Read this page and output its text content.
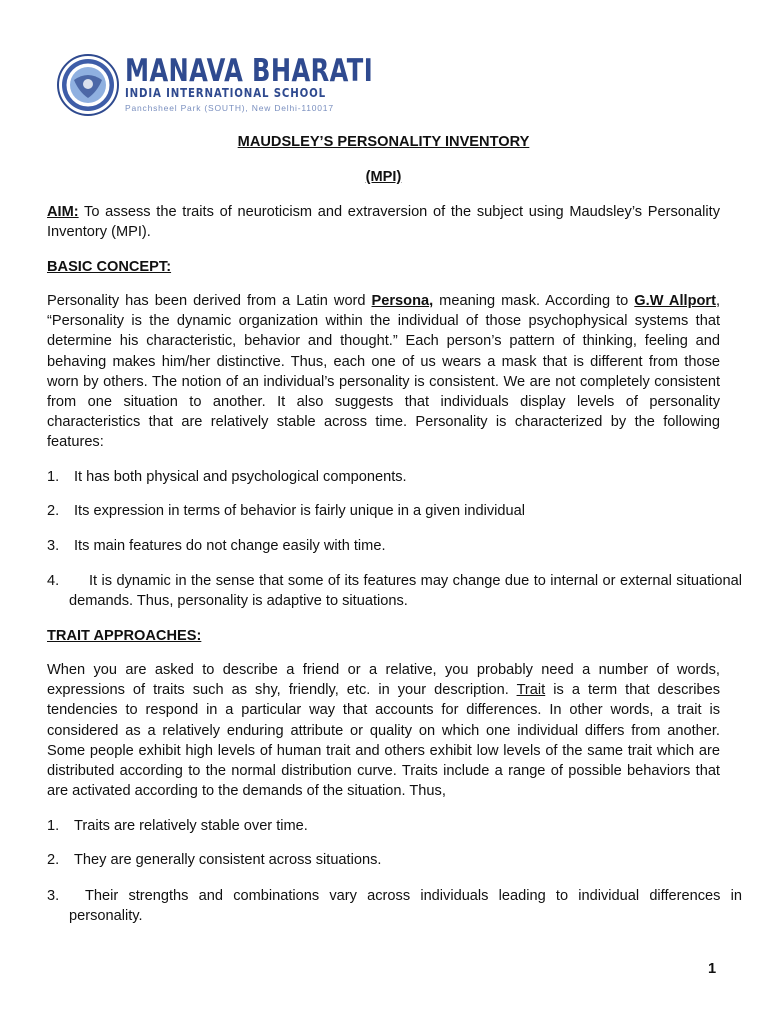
MANAVA BHARATI
INDIA INTERNATIONAL SCHOOL
Panchsheel Park (SOUTH), New Delhi-110017
MAUDSLEY’S PERSONALITY INVENTORY
(MPI)
AIM: To assess the traits of neuroticism and extraversion of the subject using Maudsley’s Personality Inventory (MPI).
BASIC CONCEPT:
Personality has been derived from a Latin word Persona, meaning mask. According to G.W Allport, “Personality is the dynamic organization within the individual of those psychophysical systems that determine his characteristic, behavior and thought.” Each person’s pattern of thinking, feeling and behaving makes him/her distinctive. Thus, each one of us wears a mask that is different from those worn by others. The notion of an individual’s personality is consistent. We are not completely consistent from one situation to another. It also suggests that individuals display levels of personality characteristics that are relatively stable across time. Personality is characterized by the following features:
1. It has both physical and psychological components.
2. Its expression in terms of behavior is fairly unique in a given individual
3. Its main features do not change easily with time.
4. It is dynamic in the sense that some of its features may change due to internal or external situational demands. Thus, personality is adaptive to situations.
TRAIT APPROACHES:
When you are asked to describe a friend or a relative, you probably need a number of words, expressions of traits such as shy, friendly, etc. in your description. Trait is a term that describes tendencies to respond in a particular way that accounts for differences. In other words, a trait is considered as a relatively enduring attribute or quality on which one individual differs from another. Some people exhibit high levels of human trait and others exhibit low levels of the same trait which are distributed according to the normal distribution curve. Traits include a range of possible behaviors that are activated according to the demands of the situation. Thus,
1. Traits are relatively stable over time.
2. They are generally consistent across situations.
3. Their strengths and combinations vary across individuals leading to individual differences in personality.
1
